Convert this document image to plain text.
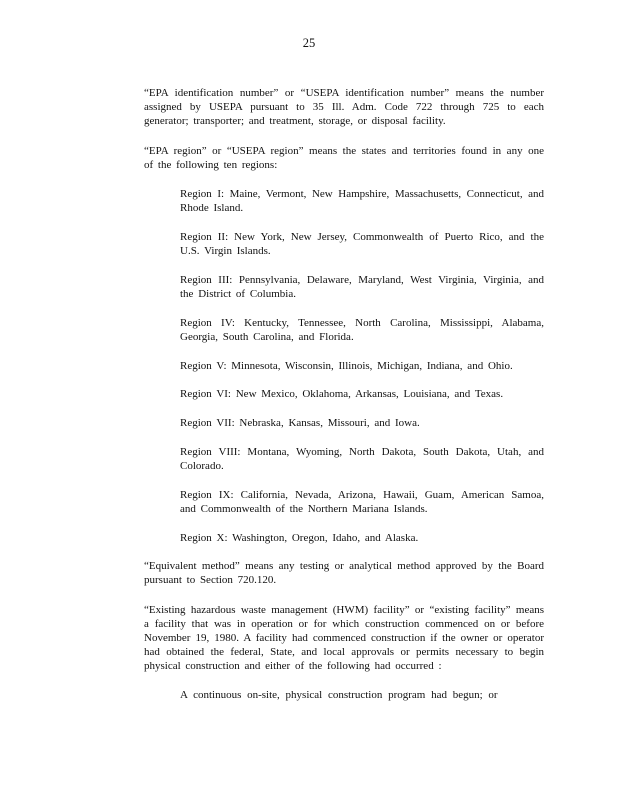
25

“EPA identification number” or “USEPA identification number” means the number assigned by USEPA pursuant to 35 Ill. Adm. Code 722 through 725 to each generator; transporter; and treatment, storage, or disposal facility.

“EPA region” or “USEPA region” means the states and territories found in any one of the following ten regions:

Region I: Maine, Vermont, New Hampshire, Massachusetts, Connecticut, and Rhode Island.

Region II: New York, New Jersey, Commonwealth of Puerto Rico, and the U.S. Virgin Islands.

Region III: Pennsylvania, Delaware, Maryland, West Virginia, Virginia, and the District of Columbia.

Region IV: Kentucky, Tennessee, North Carolina, Mississippi, Alabama, Georgia, South Carolina, and Florida.

Region V: Minnesota, Wisconsin, Illinois, Michigan, Indiana, and Ohio.

Region VI: New Mexico, Oklahoma, Arkansas, Louisiana, and Texas.

Region VII: Nebraska, Kansas, Missouri, and Iowa.

Region VIII: Montana, Wyoming, North Dakota, South Dakota, Utah, and Colorado.

Region IX: California, Nevada, Arizona, Hawaii, Guam, American Samoa, and Commonwealth of the Northern Mariana Islands.

Region X: Washington, Oregon, Idaho, and Alaska.

“Equivalent method” means any testing or analytical method approved by the Board pursuant to Section 720.120.

“Existing hazardous waste management (HWM) facility” or “existing facility” means a facility that was in operation or for which construction commenced on or before November 19, 1980. A facility had commenced construction if the owner or operator had obtained the federal, State, and local approvals or permits necessary to begin physical construction and either of the following had occurred :

A continuous on-site, physical construction program had begun; or
